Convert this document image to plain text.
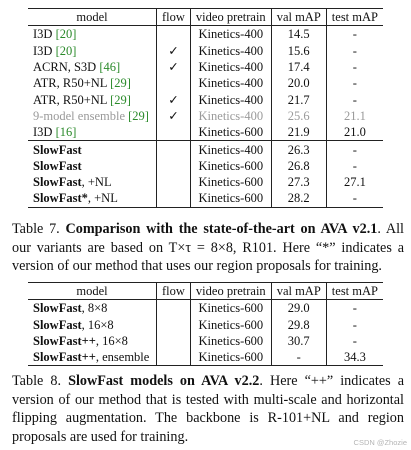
model	flow	video pretrain	val mAP	test mAP
I3D [20]		Kinetics-400	14.5	-
I3D [20]	✓	Kinetics-400	15.6	-
ACRN, S3D [46]	✓	Kinetics-400	17.4	-
ATR, R50+NL [29]		Kinetics-400	20.0	-
ATR, R50+NL [29]	✓	Kinetics-400	21.7	-
9-model ensemble [29]	✓	Kinetics-400	25.6	21.1
I3D [16]		Kinetics-600	21.9	21.0
SlowFast		Kinetics-400	26.3	-
SlowFast		Kinetics-600	26.8	-
SlowFast, +NL		Kinetics-600	27.3	27.1
SlowFast*, +NL		Kinetics-600	28.2	-
Table 7. Comparison with the state-of-the-art on AVA v2.1. All our variants are based on T×τ = 8×8, R101. Here “*” indicates a version of our method that uses our region proposals for training.
model	flow	video pretrain	val mAP	test mAP
SlowFast, 8×8		Kinetics-600	29.0	-
SlowFast, 16×8		Kinetics-600	29.8	-
SlowFast++, 16×8		Kinetics-600	30.7	-
SlowFast++, ensemble		Kinetics-600	-	34.3
Table 8. SlowFast models on AVA v2.2. Here “++” indicates a version of our method that is tested with multi-scale and horizontal flipping augmentation. The backbone is R-101+NL and region proposals are used for training.	CSDN @Zhozie
